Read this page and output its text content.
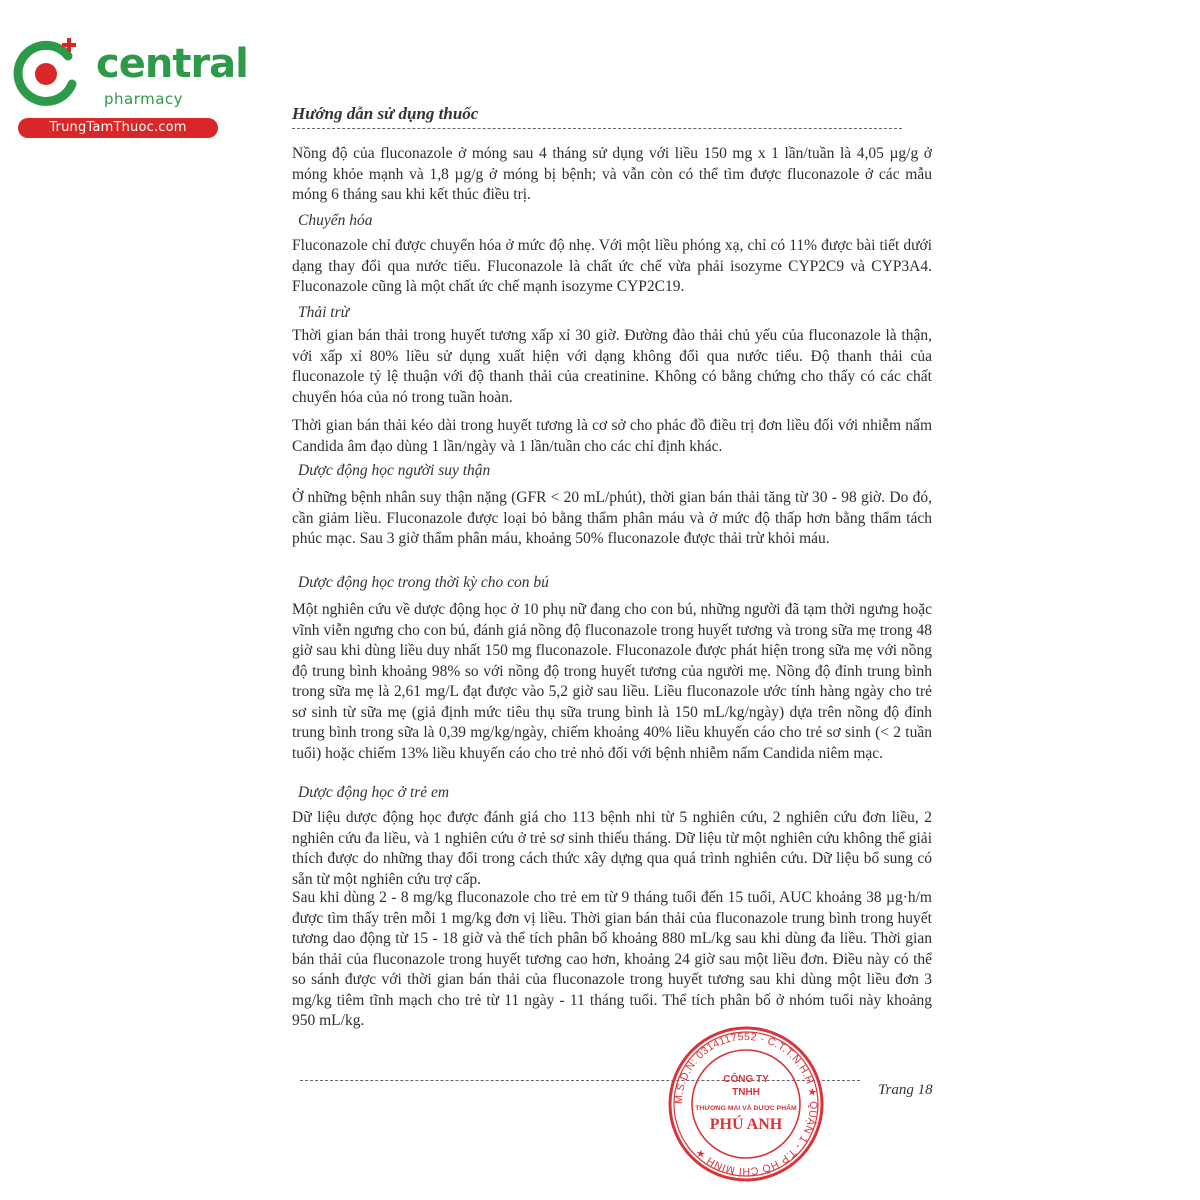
central
pharmacy
TrungTamThuoc.com
Hướng dẫn sử dụng thuốc
Nồng độ của fluconazole ở móng sau 4 tháng sử dụng với liều 150 mg x 1 lần/tuần là 4,05 µg/g ở móng khỏe mạnh và 1,8 µg/g ở móng bị bệnh; và vẫn còn có thể tìm được fluconazole ở các mẫu móng 6 tháng sau khi kết thúc điều trị.
Chuyển hóa
Fluconazole chỉ được chuyển hóa ở mức độ nhẹ. Với một liều phóng xạ, chỉ có 11% được bài tiết dưới dạng thay đổi qua nước tiểu. Fluconazole là chất ức chế vừa phải isozyme CYP2C9 và CYP3A4. Fluconazole cũng là một chất ức chế mạnh isozyme CYP2C19.
Thải trừ
Thời gian bán thải trong huyết tương xấp xỉ 30 giờ. Đường đào thải chủ yếu của fluconazole là thận, với xấp xỉ 80% liều sử dụng xuất hiện với dạng không đổi qua nước tiểu. Độ thanh thải của fluconazole tỷ lệ thuận với độ thanh thải của creatinine. Không có bằng chứng cho thấy có các chất chuyển hóa của nó trong tuần hoàn.
Thời gian bán thải kéo dài trong huyết tương là cơ sở cho phác đồ điều trị đơn liều đối với nhiễm nấm Candida âm đạo dùng 1 lần/ngày và 1 lần/tuần cho các chỉ định khác.
Dược động học người suy thận
Ở những bệnh nhân suy thận nặng (GFR < 20 mL/phút), thời gian bán thải tăng từ 30 - 98 giờ. Do đó, cần giảm liều. Fluconazole được loại bỏ bằng thẩm phân máu và ở mức độ thấp hơn bằng thẩm tách phúc mạc. Sau 3 giờ thẩm phân máu, khoảng 50% fluconazole được thải trừ khỏi máu.
Dược động học trong thời kỳ cho con bú
Một nghiên cứu về dược động học ở 10 phụ nữ đang cho con bú, những người đã tạm thời ngưng hoặc vĩnh viễn ngưng cho con bú, đánh giá nồng độ fluconazole trong huyết tương và trong sữa mẹ trong 48 giờ sau khi dùng liều duy nhất 150 mg fluconazole. Fluconazole được phát hiện trong sữa mẹ với nồng độ trung bình khoảng 98% so với nồng độ trong huyết tương của người mẹ. Nồng độ đỉnh trung bình trong sữa mẹ là 2,61 mg/L đạt được vào 5,2 giờ sau liều. Liều fluconazole ước tính hàng ngày cho trẻ sơ sinh từ sữa mẹ (giả định mức tiêu thụ sữa trung bình là 150 mL/kg/ngày) dựa trên nồng độ đỉnh trung bình trong sữa là 0,39 mg/kg/ngày, chiếm khoảng 40% liều khuyến cáo cho trẻ sơ sinh (< 2 tuần tuổi) hoặc chiếm 13% liều khuyến cáo cho trẻ nhỏ đối với bệnh nhiễm nấm Candida niêm mạc.
Dược động học ở trẻ em
Dữ liệu dược động học được đánh giá cho 113 bệnh nhi từ 5 nghiên cứu, 2 nghiên cứu đơn liều, 2 nghiên cứu đa liều, và 1 nghiên cứu ở trẻ sơ sinh thiếu tháng. Dữ liệu từ một nghiên cứu không thể giải thích được do những thay đổi trong cách thức xây dựng qua quá trình nghiên cứu. Dữ liệu bổ sung có sẵn từ một nghiên cứu trợ cấp.
Sau khi dùng 2 - 8 mg/kg fluconazole cho trẻ em từ 9 tháng tuổi đến 15 tuổi, AUC khoảng 38 µg·h/m được tìm thấy trên mỗi 1 mg/kg đơn vị liều. Thời gian bán thải của fluconazole trung bình trong huyết tương dao động từ 15 - 18 giờ và thể tích phân bố khoảng 880 mL/kg sau khi dùng đa liều. Thời gian bán thải của fluconazole trong huyết tương cao hơn, khoảng 24 giờ sau một liều đơn. Điều này có thể so sánh được với thời gian bán thải của fluconazole trong huyết tương sau khi dùng một liều đơn 3 mg/kg tiêm tĩnh mạch cho trẻ từ 11 ngày - 11 tháng tuổi. Thể tích phân bố ở nhóm tuổi này khoảng 950 mL/kg.
Trang 18
M.S.D.N: 0314117552 - C.T.T.N.H.H ★ QUẬN 1 - T.P HỒ CHÍ MINH ★
CÔNG TY
TNHH
THƯƠNG MẠI VÀ DƯỢC PHẨM
PHÚ ANH
